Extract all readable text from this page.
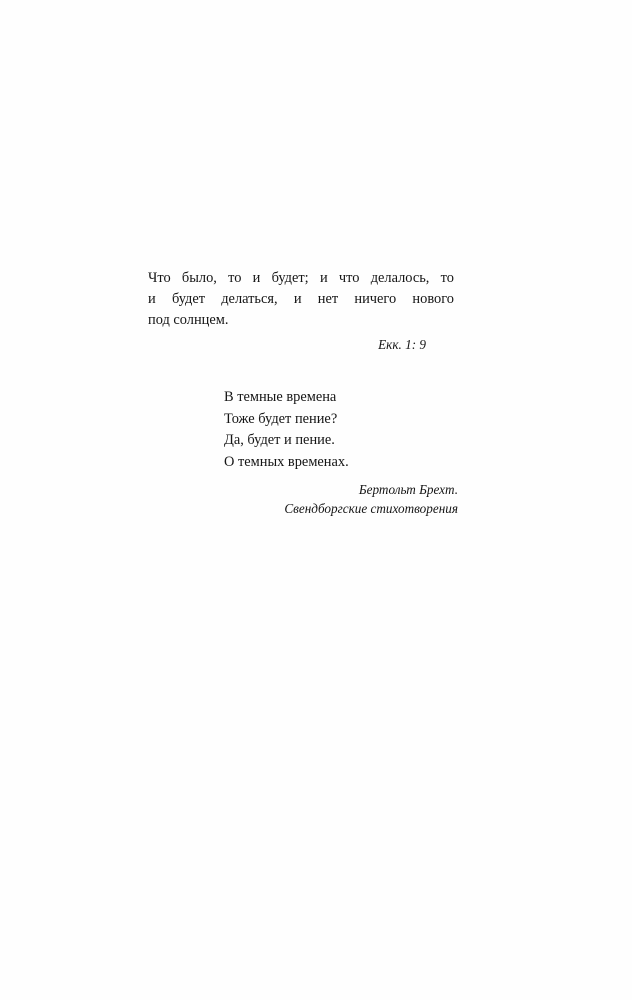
Что было, то и будет; и что делалось, то
и будет делаться, и нет ничего нового
под солнцем.
Екк. 1: 9
В темные времена
Тоже будет пение?
Да, будет и пение.
О темных временах.
Бертольт Брехт.
Свендборгские стихотворения
